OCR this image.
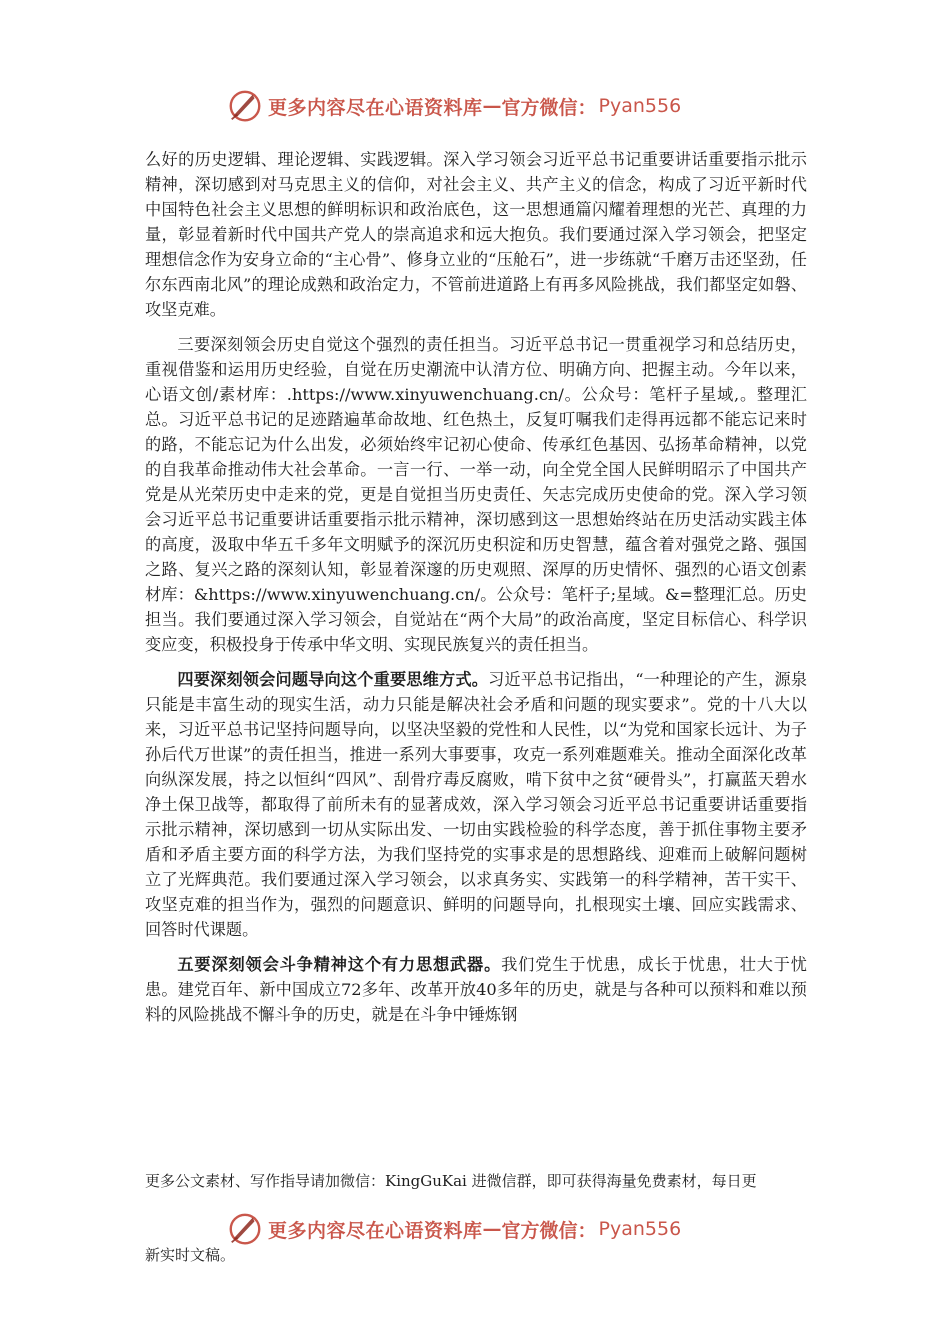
更多内容尽在心语资料库 — 官方微信： Pyan556

么好的历史逻辑、理论逻辑、实践逻辑。深入学习领会习近平总书记重要讲话重要指示批示精神，深切感到对马克思主义的信仰，对社会主义、共产主义的信念，构成了习近平新时代中国特色社会主义思想的鲜明标识和政治底色，这一思想通篇闪耀着理想的光芒、真理的力量，彰显着新时代中国共产党人的崇高追求和远大抱负。我们要通过深入学习领会，把坚定理想信念作为安身立命的“主心骨”、修身立业的“压舱石”，进一步练就“千磨万击还坚劲，任尔东西南北风”的理论成熟和政治定力，不管前进道路上有再多风险挑战，我们都坚定如磐、攻坚克难。

三要深刻领会历史自觉这个强烈的责任担当。习近平总书记一贯重视学习和总结历史，重视借鉴和运用历史经验，自觉在历史潮流中认清方位、明确方向、把握主动。今年以来，心语文创/素材库：.https://www.xinyuwenchuang.cn/。公众号：笔杆子星域,。整理汇总。习近平总书记的足迹踏遍革命故地、红色热土，反复叮嘱我们走得再远都不能忘记来时的路，不能忘记为什么出发，必须始终牢记初心使命、传承红色基因、弘扬革命精神，以党的自我革命推动伟大社会革命。一言一行、一举一动，向全党全国人民鲜明昭示了中国共产党是从光荣历史中走来的党，更是自觉担当历史责任、矢志完成历史使命的党。深入学习领会习近平总书记重要讲话重要指示批示精神，深切感到这一思想始终站在历史活动实践主体的高度，汲取中华五千多年文明赋予的深沉历史积淀和历史智慧，蕴含着对强党之路、强国之路、复兴之路的深刻认知，彰显着深邃的历史观照、深厚的历史情怀、强烈的心语文创素材库：&https://www.xinyuwenchuang.cn/。公众号：笔杆子;星域。&=整理汇总。历史担当。我们要通过深入学习领会，自觉站在“两个大局”的政治高度，坚定目标信心、科学识变应变，积极投身于传承中华文明、实现民族复兴的责任担当。

四要深刻领会问题导向这个重要思维方式。习近平总书记指出，“一种理论的产生，源泉只能是丰富生动的现实生活，动力只能是解决社会矛盾和问题的现实要求”。党的十八大以来，习近平总书记坚持问题导向，以坚决坚毅的党性和人民性，以“为党和国家长远计、为子孙后代万世谋”的责任担当，推进一系列大事要事，攻克一系列难题难关。推动全面深化改革向纵深发展，持之以恒纠“四风”、刮骨疗毒反腐败，啃下贫中之贫“硬骨头”，打赢蓝天碧水净土保卫战等，都取得了前所未有的显著成效，深入学习领会习近平总书记重要讲话重要指示批示精神，深切感到一切从实际出发、一切由实践检验的科学态度，善于抓住事物主要矛盾和矛盾主要方面的科学方法，为我们坚持党的实事求是的思想路线、迎难而上破解问题树立了光辉典范。我们要通过深入学习领会，以求真务实、实践第一的科学精神，苦干实干、攻坚克难的担当作为，强烈的问题意识、鲜明的问题导向，扎根现实土壤、回应实践需求、回答时代课题。

五要深刻领会斗争精神这个有力思想武器。我们党生于忧患，成长于忧患，壮大于忧患。建党百年、新中国成立72多年、改革开放40多年的历史，就是与各种可以预料和难以预料的风险挑战不懈斗争的历史，就是在斗争中锤炼钢

更多公文素材、写作指导请加微信：KingGuKai 进微信群，即可获得海量免费素材，每日更
更多内容尽在心语资料库 — 官方微信： Pyan556
新实时文稿。
